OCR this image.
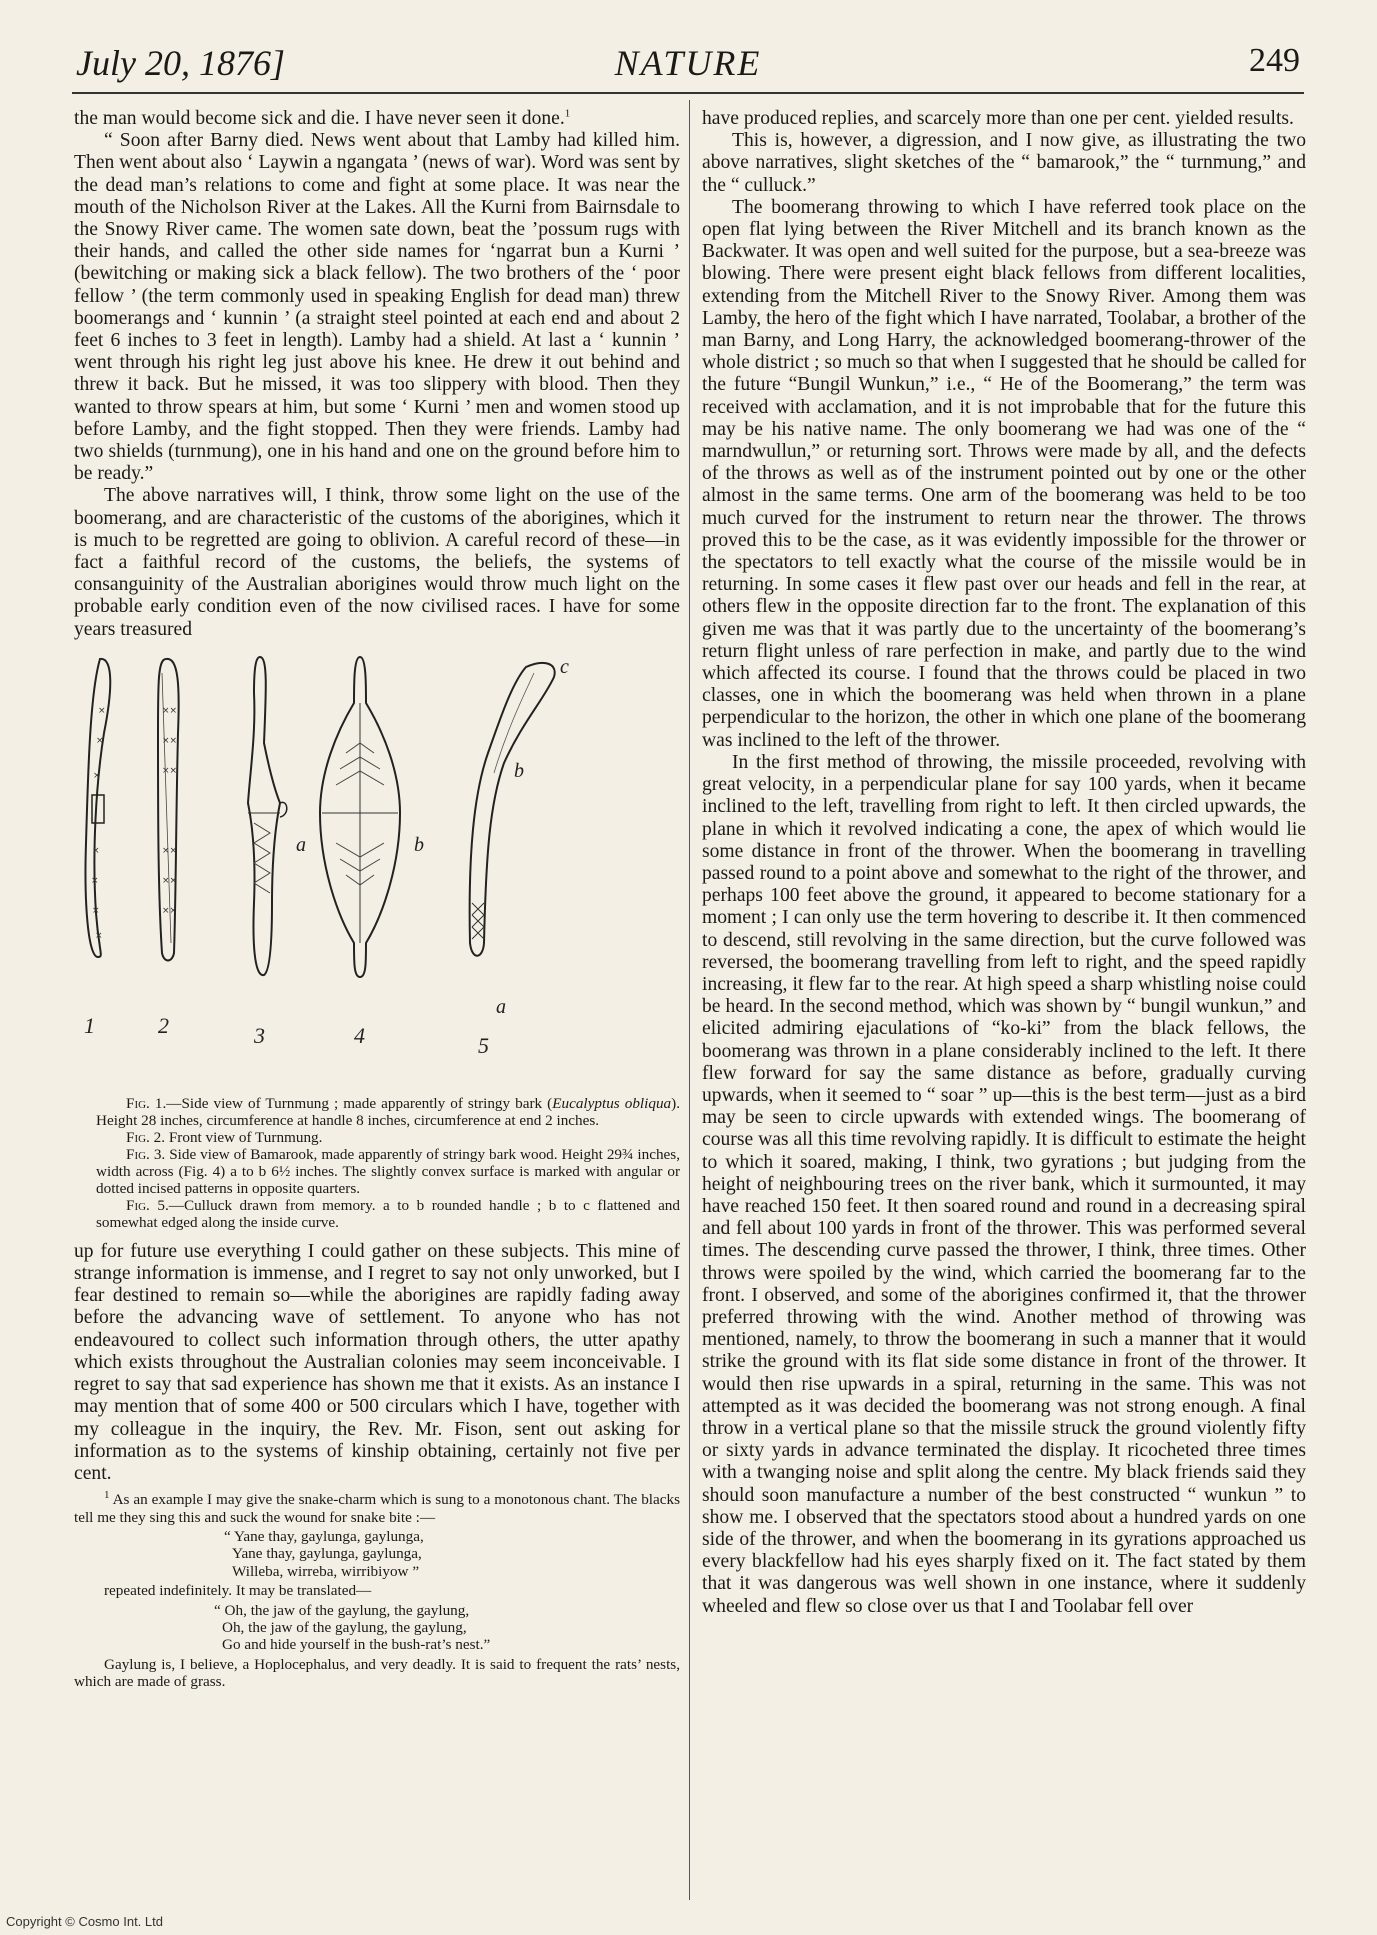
July 20, 1876]	NATURE	249

the man would become sick and die. I have never seen it done.$^1$

“ Soon after Barny died. News went about that Lamby had killed him. Then went about also ‘ Laywin a ngangata ’ (news of war). Word was sent by the dead man’s relations to come and fight at some place. It was near the mouth of the Nicholson River at the Lakes. All the Kurni from Bairnsdale to the Snowy River came. The women sate down, beat the ’possum rugs with their hands, and called the other side names for ‘ngarrat bun a Kurni ’ (bewitching or making sick a black fellow). The two brothers of the ‘ poor fellow ’ (the term commonly used in speaking English for dead man) threw boomerangs and ‘ kunnin ’ (a straight steel pointed at each end and about 2 feet 6 inches to 3 feet in length). Lamby had a shield. At last a ‘ kunnin ’ went through his right leg just above his knee. He drew it out behind and threw it back. But he missed, it was too slippery with blood. Then they wanted to throw spears at him, but some ‘ Kurni ’ men and women stood up before Lamby, and the fight stopped. Then they were friends. Lamby had two shields (turnmung), one in his hand and one on the ground before him to be ready.”

The above narratives will, I think, throw some light on the use of the boomerang, and are characteristic of the customs of the aborigines, which it is much to be regretted are going to oblivion. A careful record of these—in fact a faithful record of the customs, the beliefs, the systems of consanguinity of the Australian aborigines would throw much light on the probable early condition even of the now civilised races. I have for some years treasured

×
×
×
×
×
×
×
××
××
××
××
××
××
1	2	3	4	5
a	b
a
b
c

Fig. 1.—Side view of Turnmung ; made apparently of stringy bark (Eucalyptus obliqua). Height 28 inches, circumference at handle 8 inches, circumference at end 2 inches.

Fig. 2. Front view of Turnmung.

Fig. 3. Side view of Bamarook, made apparently of stringy bark wood. Height 29¾ inches, width across (Fig. 4) a to b 6½ inches. The slightly convex surface is marked with angular or dotted incised patterns in opposite quarters.

Fig. 5.—Culluck drawn from memory. a to b rounded handle ; b to c flattened and somewhat edged along the inside curve.

up for future use everything I could gather on these subjects. This mine of strange information is immense, and I regret to say not only unworked, but I fear destined to remain so—while the aborigines are rapidly fading away before the advancing wave of settlement. To anyone who has not endeavoured to collect such information through others, the utter apathy which exists throughout the Australian colonies may seem inconceivable. I regret to say that sad experience has shown me that it exists. As an instance I may mention that of some 400 or 500 circulars which I have, together with my colleague in the inquiry, the Rev. Mr. Fison, sent out asking for information as to the systems of kinship obtaining, certainly not five per cent.

$^1$ As an example I may give the snake-charm which is sung to a monotonous chant. The blacks tell me they sing this and suck the wound for snake bite :—

“ Yane thay, gaylunga, gaylunga,
Yane thay, gaylunga, gaylunga,
Willeba, wirreba, wirribiyow ”

repeated indefinitely. It may be translated—

“ Oh, the jaw of the gaylung, the gaylung,
Oh, the jaw of the gaylung, the gaylung,
Go and hide yourself in the bush-rat’s nest.”

Gaylung is, I believe, a Hoplocephalus, and very deadly. It is said to frequent the rats’ nests, which are made of grass.

have produced replies, and scarcely more than one per cent. yielded results.

This is, however, a digression, and I now give, as illustrating the two above narratives, slight sketches of the “ bamarook,” the “ turnmung,” and the “ culluck.”

The boomerang throwing to which I have referred took place on the open flat lying between the River Mitchell and its branch known as the Backwater. It was open and well suited for the purpose, but a sea-breeze was blowing. There were present eight black fellows from different localities, extending from the Mitchell River to the Snowy River. Among them was Lamby, the hero of the fight which I have narrated, Toolabar, a brother of the man Barny, and Long Harry, the acknowledged boomerang-thrower of the whole district ; so much so that when I suggested that he should be called for the future “Bungil Wunkun,” i.e., “ He of the Boomerang,” the term was received with acclamation, and it is not improbable that for the future this may be his native name. The only boomerang we had was one of the “ marndwullun,” or returning sort. Throws were made by all, and the defects of the throws as well as of the instrument pointed out by one or the other almost in the same terms. One arm of the boomerang was held to be too much curved for the instrument to return near the thrower. The throws proved this to be the case, as it was evidently impossible for the thrower or the spectators to tell exactly what the course of the missile would be in returning. In some cases it flew past over our heads and fell in the rear, at others flew in the opposite direction far to the front. The explanation of this given me was that it was partly due to the uncertainty of the boomerang’s return flight unless of rare perfection in make, and partly due to the wind which affected its course. I found that the throws could be placed in two classes, one in which the boomerang was held when thrown in a plane perpendicular to the horizon, the other in which one plane of the boomerang was inclined to the left of the thrower.

In the first method of throwing, the missile proceeded, revolving with great velocity, in a perpendicular plane for say 100 yards, when it became inclined to the left, travelling from right to left. It then circled upwards, the plane in which it revolved indicating a cone, the apex of which would lie some distance in front of the thrower. When the boomerang in travelling passed round to a point above and somewhat to the right of the thrower, and perhaps 100 feet above the ground, it appeared to become stationary for a moment ; I can only use the term hovering to describe it. It then commenced to descend, still revolving in the same direction, but the curve followed was reversed, the boomerang travelling from left to right, and the speed rapidly increasing, it flew far to the rear. At high speed a sharp whistling noise could be heard. In the second method, which was shown by “ bungil wunkun,” and elicited admiring ejaculations of “ko-ki” from the black fellows, the boomerang was thrown in a plane considerably inclined to the left. It there flew forward for say the same distance as before, gradually curving upwards, when it seemed to “ soar ” up—this is the best term—just as a bird may be seen to circle upwards with extended wings. The boomerang of course was all this time revolving rapidly. It is difficult to estimate the height to which it soared, making, I think, two gyrations ; but judging from the height of neighbouring trees on the river bank, which it surmounted, it may have reached 150 feet. It then soared round and round in a decreasing spiral and fell about 100 yards in front of the thrower. This was performed several times. The descending curve passed the thrower, I think, three times. Other throws were spoiled by the wind, which carried the boomerang far to the front. I observed, and some of the aborigines confirmed it, that the thrower preferred throwing with the wind. Another method of throwing was mentioned, namely, to throw the boomerang in such a manner that it would strike the ground with its flat side some distance in front of the thrower. It would then rise upwards in a spiral, returning in the same. This was not attempted as it was decided the boomerang was not strong enough. A final throw in a vertical plane so that the missile struck the ground violently fifty or sixty yards in advance terminated the display. It ricocheted three times with a twanging noise and split along the centre. My black friends said they should soon manufacture a number of the best constructed “ wunkun ” to show me. I observed that the spectators stood about a hundred yards on one side of the thrower, and when the boomerang in its gyrations approached us every blackfellow had his eyes sharply fixed on it. The fact stated by them that it was dangerous was well shown in one instance, where it suddenly wheeled and flew so close over us that I and Toolabar fell over

Copyright © Cosmo Int. Ltd
